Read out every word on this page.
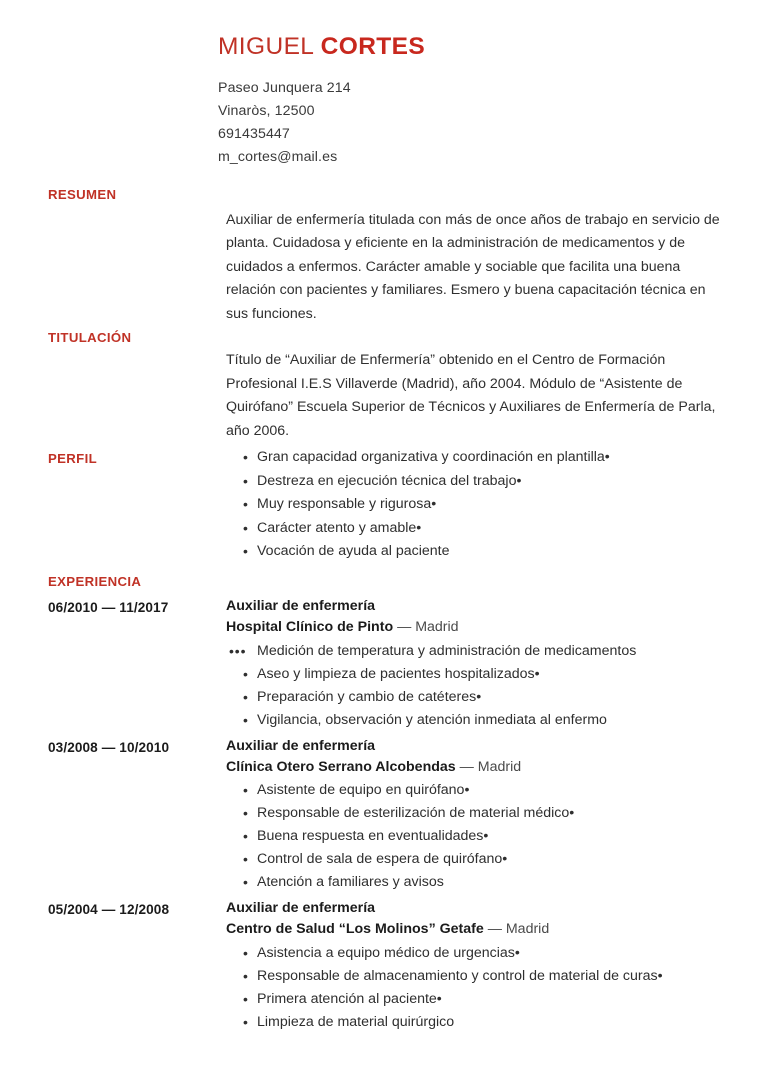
MIGUEL CORTES
Paseo Junquera 214
Vinaròs, 12500
691435447
m_cortes@mail.es
RESUMEN

Auxiliar de enfermería titulada con más de once años de trabajo en servicio de planta. Cuidadosa y eficiente en la administración de medicamentos y de cuidados a enfermos. Carácter amable y sociable que facilita una buena relación con pacientes y familiares. Esmero y buena capacitación técnica en sus funciones.

TITULACIÓN

Título de “Auxiliar de Enfermería” obtenido en el Centro de Formación Profesional I.E.S Villaverde (Madrid), año 2004. Módulo de “Asistente de Quirófano” Escuela Superior de Técnicos y Auxiliares de Enfermería de Parla, año 2006.

PERFIL	• Gran capacidad organizativa y coordinación en plantilla•
• Destreza en ejecución técnica del trabajo•
• Muy responsable y rigurosa•
• Carácter atento y amable•
• Vocación de ayuda al paciente
EXPERIENCIA
06/2010 — 11/2017	Auxiliar de enfermería
Hospital Clínico de Pinto — Madrid
• • • Medición de temperatura y administración de medicamentos
• Aseo y limpieza de pacientes hospitalizados•
• Preparación y cambio de catéteres•
• Vigilancia, observación y atención inmediata al enfermo
03/2008 — 10/2010	Auxiliar de enfermería
Clínica Otero Serrano Alcobendas — Madrid
• Asistente de equipo en quirófano•
• Responsable de esterilización de material médico•
• Buena respuesta en eventualidades•
• Control de sala de espera de quirófano•
• Atención a familiares y avisos
05/2004 — 12/2008	Auxiliar de enfermería
Centro de Salud “Los Molinos” Getafe — Madrid
• Asistencia a equipo médico de urgencias•
• Responsable de almacenamiento y control de material de curas•
• Primera atención al paciente•
• Limpieza de material quirúrgico
